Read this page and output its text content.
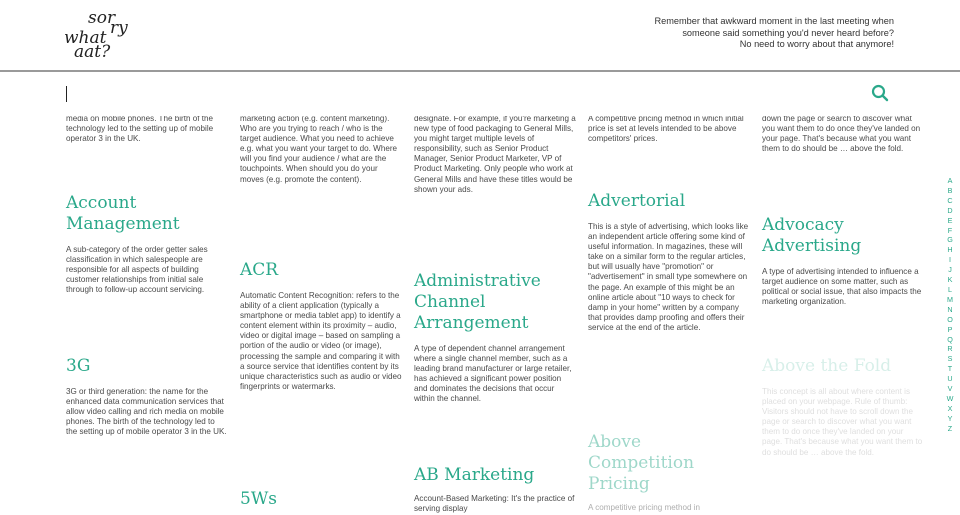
sor
ry
what
aat?
Remember that awkward moment in the last meeting when
someone said something you'd never heard before?
No need to worry about that anymore!

media on mobile phones. The birth of the technology led to the setting up of mobile operator 3 in the UK.

Account Management

A sub-category of the order getter sales classification in which salespeople are responsible for all aspects of building customer relationships from initial sale through to follow-up account servicing.

3G

3G or third generation: the name for the enhanced data communication services that allow video calling and rich media on mobile phones. The birth of the technology led to the setting up of mobile operator 3 in the UK.

marketing action (e.g. content marketing). Who are you trying to reach / who is the target audience. What you need to achieve e.g. what you want your target to do. Where will you find your audience / what are the touchpoints. When should you do your moves (e.g. promote the content).

ACR

Automatic Content Recognition: refers to the ability of a client application (typically a smartphone or media tablet app) to identify a content element within its proximity – audio, video or digital image – based on sampling a portion of the audio or video (or image), processing the sample and comparing it with a source service that identifies content by its unique characteristics such as audio or video fingerprints or watermarks.

5Ws

designate. For example, if you're marketing a new type of food packaging to General Mills, you might target multiple levels of responsibility, such as Senior Product Manager, Senior Product Marketer, VP of Product Marketing. Only people who work at General Mills and have these titles would be shown your ads.

Administrative Channel Arrangement

A type of dependent channel arrangement where a single channel member, such as a leading brand manufacturer or large retailer, has achieved a significant power position and dominates the decisions that occur within the channel.

AB Marketing

Account-Based Marketing: It's the practice of serving display

A competitive pricing method in which initial price is set at levels intended to be above competitors' prices.

Advertorial

This is a style of advertising, which looks like an independent article offering some kind of useful information. In magazines, these will take on a similar form to the regular articles, but will usually have "promotion" or "advertisement" in small type somewhere on the page. An example of this might be an online article about "10 ways to check for damp in your home" written by a company that provides damp proofing and offers their service at the end of the article.

Above Competition Pricing

A competitive pricing method in

down the page or search to discover what you want them to do once they've landed on your page. That's because what you want them to do should be … above the fold.

Advocacy Advertising

A type of advertising intended to influence a target audience on some matter, such as political or social issue, that also impacts the marketing organization.

Above the Fold

This concept is all about where content is placed on your webpage. Rule of thumb: Visitors should not have to scroll down the page or search to discover what you want them to do once they've landed on your page. That's because what you want them to do should be … above the fold.

A
B
C
D
E
F
G
H
I
J
K
L
M
N
O
P
Q
R
S
T
U
V
W
X
Y
Z
